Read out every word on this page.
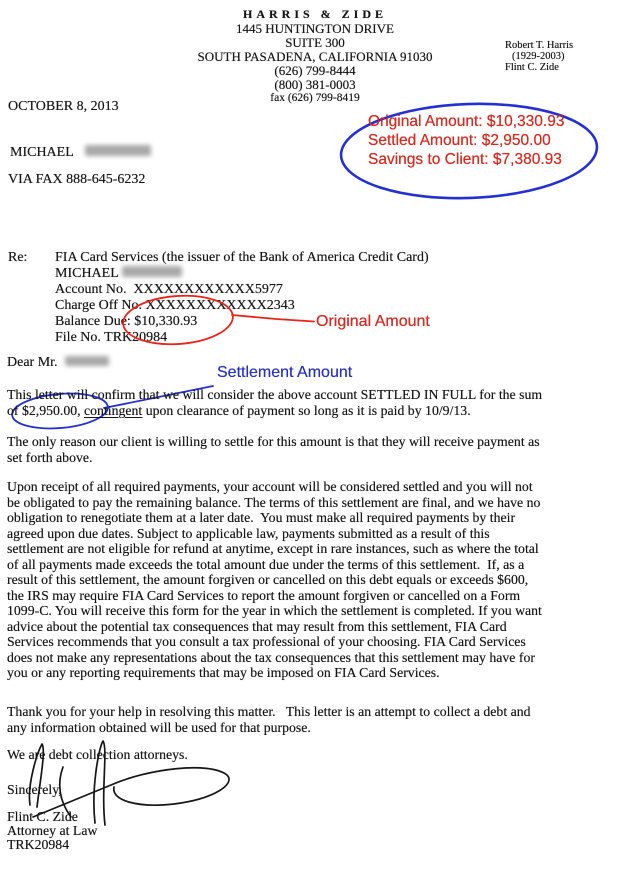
HARRIS & ZIDE
1445 HUNTINGTON DRIVE
SUITE 300
SOUTH PASADENA, CALIFORNIA 91030
(626) 799-8444
(800) 381-0003
fax (626) 799-8419
Robert T. Harris
(1929-2003)
Flint C. Zide
OCTOBER 8, 2013
MICHAEL
VIA FAX 888-645-6232
Original Amount: $10,330.93
Settled Amount: $2,950.00
Savings to Client: $7,380.93
Re: FIA Card Services (the issuer of the Bank of America Credit Card)
MICHAEL
Account No.  XXXXXXXXXXXX5977
Charge Off No. XXXXXXXXXXXX2343
Balance Due: $10,330.93
File No. TRK20984
Original Amount
Dear Mr.
Settlement Amount
This letter will confirm that we will consider the above account SETTLED IN FULL for the sum
of $2,950.00, contingent upon clearance of payment so long as it is paid by 10/9/13.
The only reason our client is willing to settle for this amount is that they will receive payment as
set forth above.
Upon receipt of all required payments, your account will be considered settled and you will not
be obligated to pay the remaining balance. The terms of this settlement are final, and we have no
obligation to renegotiate them at a later date.  You must make all required payments by their
agreed upon due dates. Subject to applicable law, payments submitted as a result of this
settlement are not eligible for refund at anytime, except in rare instances, such as where the total
of all payments made exceeds the total amount due under the terms of this settlement.  If, as a
result of this settlement, the amount forgiven or cancelled on this debt equals or exceeds $600,
the IRS may require FIA Card Services to report the amount forgiven or cancelled on a Form
1099-C. You will receive this form for the year in which the settlement is completed. If you want
advice about the potential tax consequences that may result from this settlement, FIA Card
Services recommends that you consult a tax professional of your choosing. FIA Card Services
does not make any representations about the tax consequences that this settlement may have for
you or any reporting requirements that may be imposed on FIA Card Services.
Thank you for your help in resolving this matter.   This letter is an attempt to collect a debt and
any information obtained will be used for that purpose.
We are debt collection attorneys.
Sincerely,
Flint C. Zide
Attorney at Law
TRK20984
